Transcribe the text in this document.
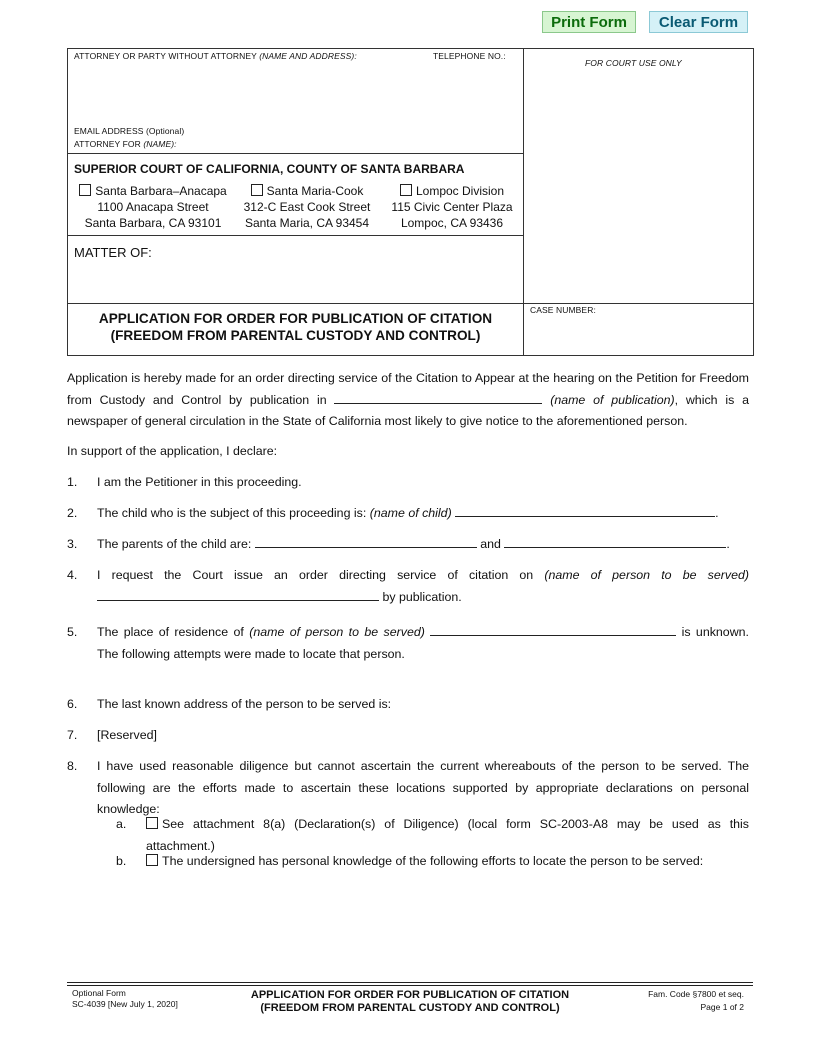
Print Form	Clear Form
ATTORNEY OR PARTY WITHOUT ATTORNEY (NAME AND ADDRESS):	TELEPHONE NO.:
EMAIL ADDRESS (Optional)
ATTORNEY FOR (NAME):
FOR COURT USE ONLY
SUPERIOR COURT OF CALIFORNIA, COUNTY OF SANTA BARBARA
Santa Barbara–Anacapa
1100 Anacapa Street
Santa Barbara, CA 93101
Santa Maria-Cook
312-C East Cook Street
Santa Maria, CA 93454
Lompoc Division
115 Civic Center Plaza
Lompoc, CA 93436
MATTER OF:
APPLICATION FOR ORDER FOR PUBLICATION OF CITATION
(FREEDOM FROM PARENTAL CUSTODY AND CONTROL)
CASE NUMBER:
Application is hereby made for an order directing service of the Citation to Appear at the hearing on the Petition for Freedom from Custody and Control by publication in	(name of publication), which is a newspaper of general circulation in the State of California most likely to give notice to the aforementioned person.
In support of the application, I declare:
1. I am the Petitioner in this proceeding.
2. The child who is the subject of this proceeding is: (name of child)	.
3. The parents of the child are:	and	.
4. I request the Court issue an order directing service of citation on (name of person to be served)  by publication.
5. The place of residence of (name of person to be served)	is unknown.
The following attempts were made to locate that person.
6. The last known address of the person to be served is:
7. [Reserved]
8. I have used reasonable diligence but cannot ascertain the current whereabouts of the person to be served. The following are the efforts made to ascertain these locations supported by appropriate declarations on personal knowledge:
a.	See attachment 8(a) (Declaration(s) of Diligence) (local form SC-2003-A8 may be used as this attachment.)
b.	The undersigned has personal knowledge of the following efforts to locate the person to be served:
Optional Form
SC-4039 [New July 1, 2020]
APPLICATION FOR ORDER FOR PUBLICATION OF CITATION
(FREEDOM FROM PARENTAL CUSTODY AND CONTROL)
Fam. Code §7800 et seq.
Page 1 of 2
